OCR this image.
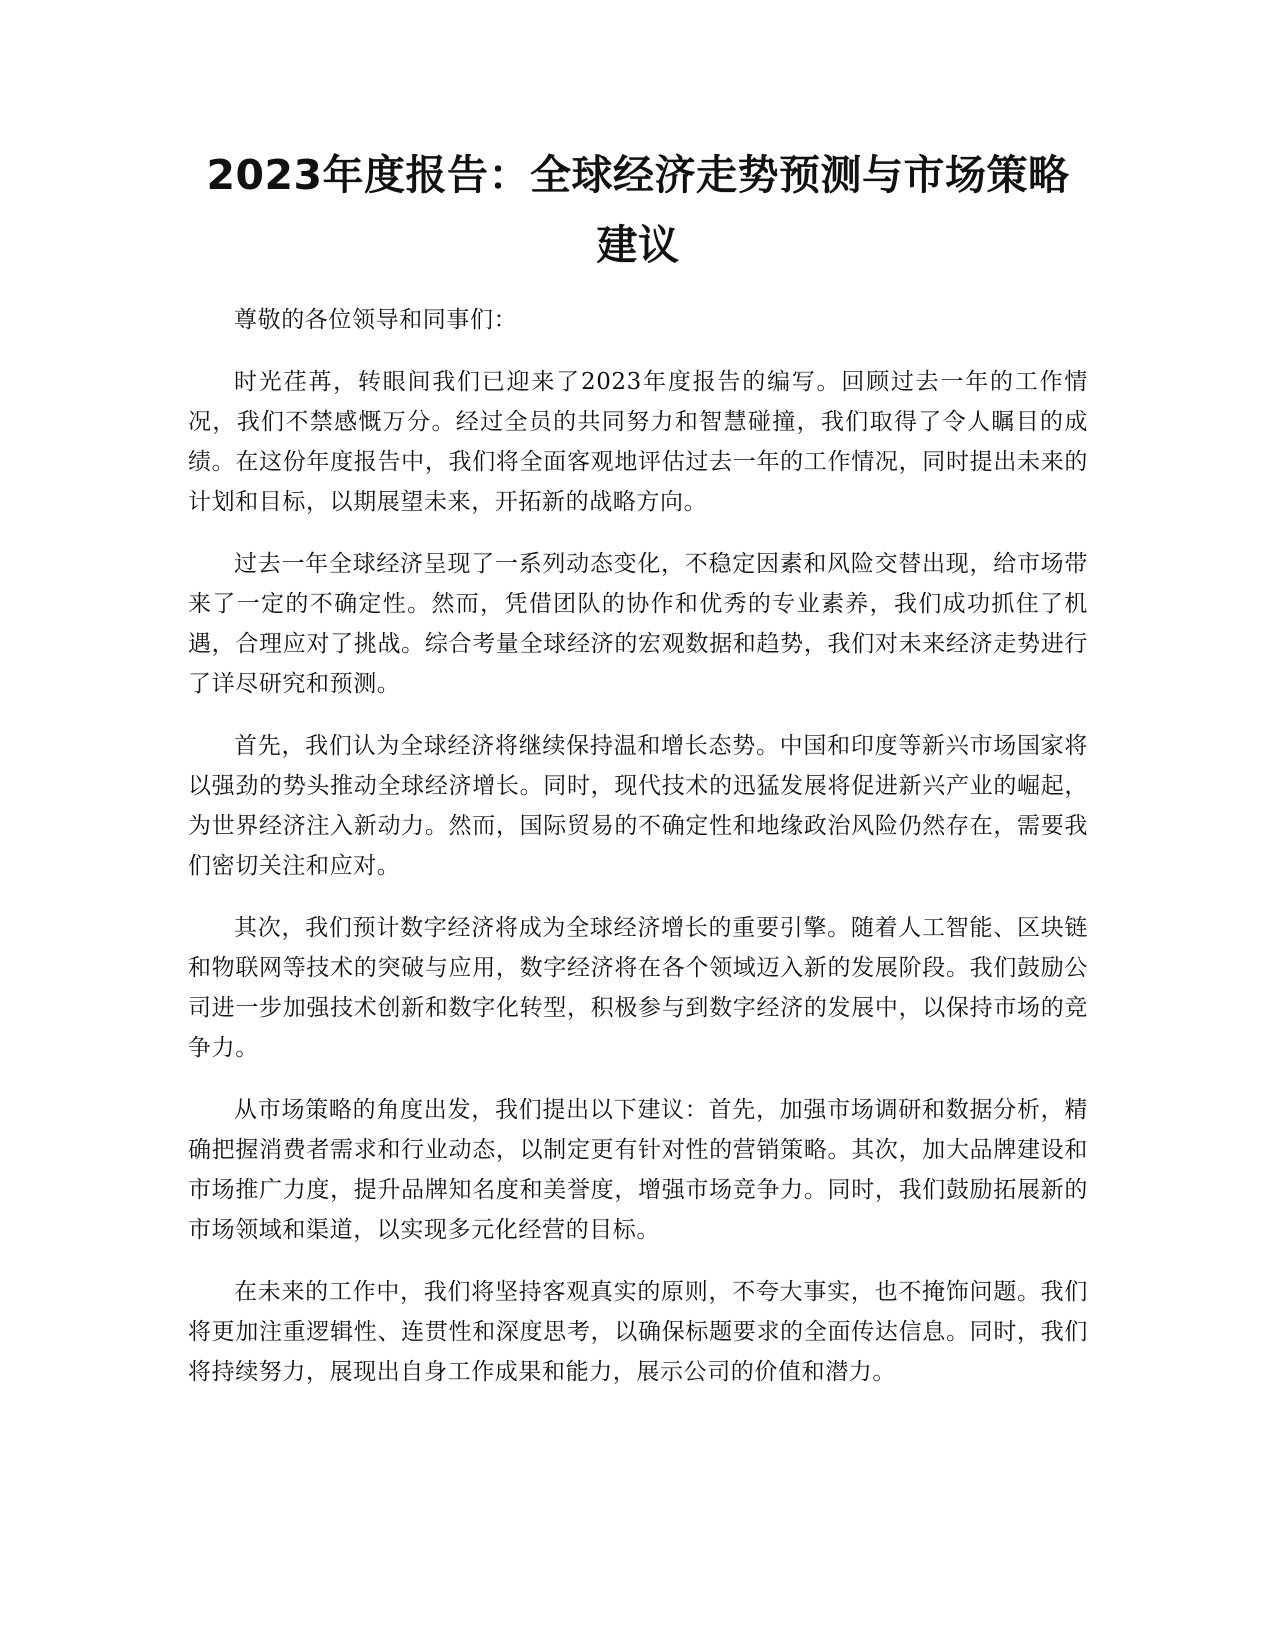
2023年度报告：全球经济走势预测与市场策略建议

尊敬的各位领导和同事们：

时光荏苒，转眼间我们已迎来了2023年度报告的编写。回顾过去一年的工作情况，我们不禁感慨万分。经过全员的共同努力和智慧碰撞，我们取得了令人瞩目的成绩。在这份年度报告中，我们将全面客观地评估过去一年的工作情况，同时提出未来的计划和目标，以期展望未来，开拓新的战略方向。

过去一年全球经济呈现了一系列动态变化，不稳定因素和风险交替出现，给市场带来了一定的不确定性。然而，凭借团队的协作和优秀的专业素养，我们成功抓住了机遇，合理应对了挑战。综合考量全球经济的宏观数据和趋势，我们对未来经济走势进行了详尽研究和预测。

首先，我们认为全球经济将继续保持温和增长态势。中国和印度等新兴市场国家将以强劲的势头推动全球经济增长。同时，现代技术的迅猛发展将促进新兴产业的崛起，为世界经济注入新动力。然而，国际贸易的不确定性和地缘政治风险仍然存在，需要我们密切关注和应对。

其次，我们预计数字经济将成为全球经济增长的重要引擎。随着人工智能、区块链和物联网等技术的突破与应用，数字经济将在各个领域迈入新的发展阶段。我们鼓励公司进一步加强技术创新和数字化转型，积极参与到数字经济的发展中，以保持市场的竞争力。

从市场策略的角度出发，我们提出以下建议：首先，加强市场调研和数据分析，精确把握消费者需求和行业动态，以制定更有针对性的营销策略。其次，加大品牌建设和市场推广力度，提升品牌知名度和美誉度，增强市场竞争力。同时，我们鼓励拓展新的市场领域和渠道，以实现多元化经营的目标。

在未来的工作中，我们将坚持客观真实的原则，不夸大事实，也不掩饰问题。我们将更加注重逻辑性、连贯性和深度思考，以确保标题要求的全面传达信息。同时，我们将持续努力，展现出自身工作成果和能力，展示公司的价值和潜力。
